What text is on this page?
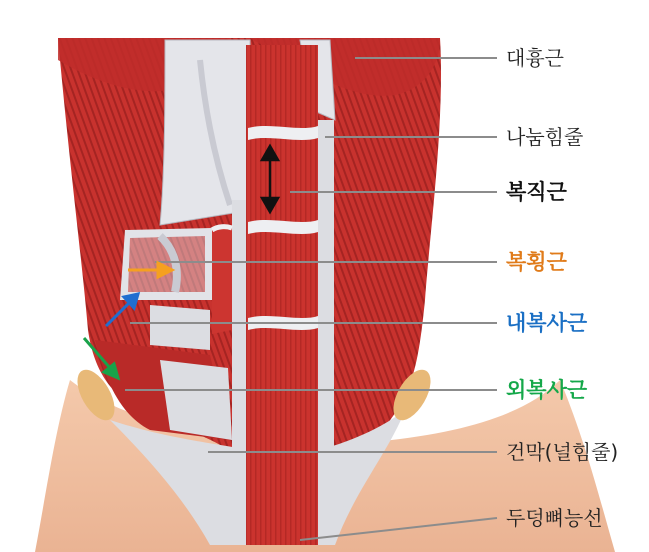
대흉근
나눔힘줄
복직근
복횡근
내복사근
외복사근
건막(널힘줄)
두덩뼈능선
